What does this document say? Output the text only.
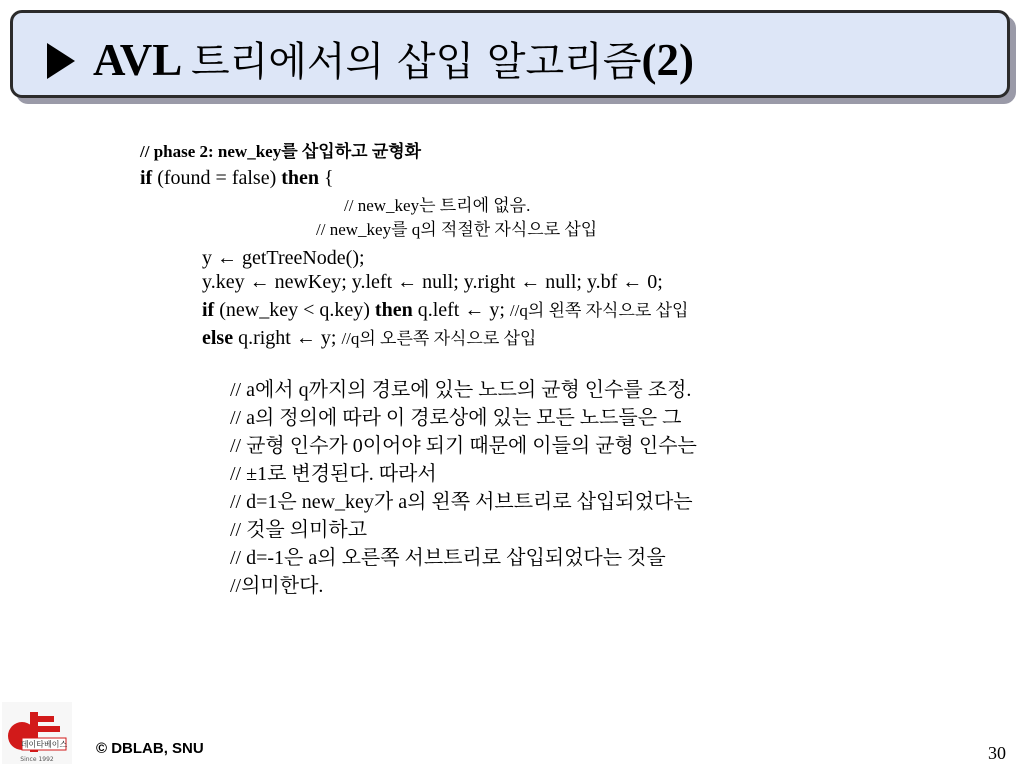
AVL 트리에서의 삽입 알고리즘(2)
// phase 2: new_key를 삽입하고 균형화
if (found = false) then {
// new_key는 트리에 없음.
// new_key를 q의 적절한 자식으로 삽입
y ← getTreeNode();
y.key ← newKey; y.left ← null; y.right ← null; y.bf ← 0;
if (new_key < q.key) then q.left ← y; //q의 왼쪽 자식으로 삽입
else q.right ← y; //q의 오른쪽 자식으로 삽입
// a에서 q까지의 경로에 있는 노드의 균형 인수를 조정.
// a의 정의에 따라 이 경로상에 있는 모든 노드들은 그
// 균형 인수가 0이어야 되기 때문에 이들의 균형 인수는
// ±1로 변경된다. 따라서
// d=1은 new_key가 a의 왼쪽 서브트리로 삽입되었다는
// 것을 의미하고
// d=-1은 a의 오른쪽 서브트리로 삽입되었다는 것을
//의미한다.
데이타베이스
Since 1992
© DBLAB, SNU	30
